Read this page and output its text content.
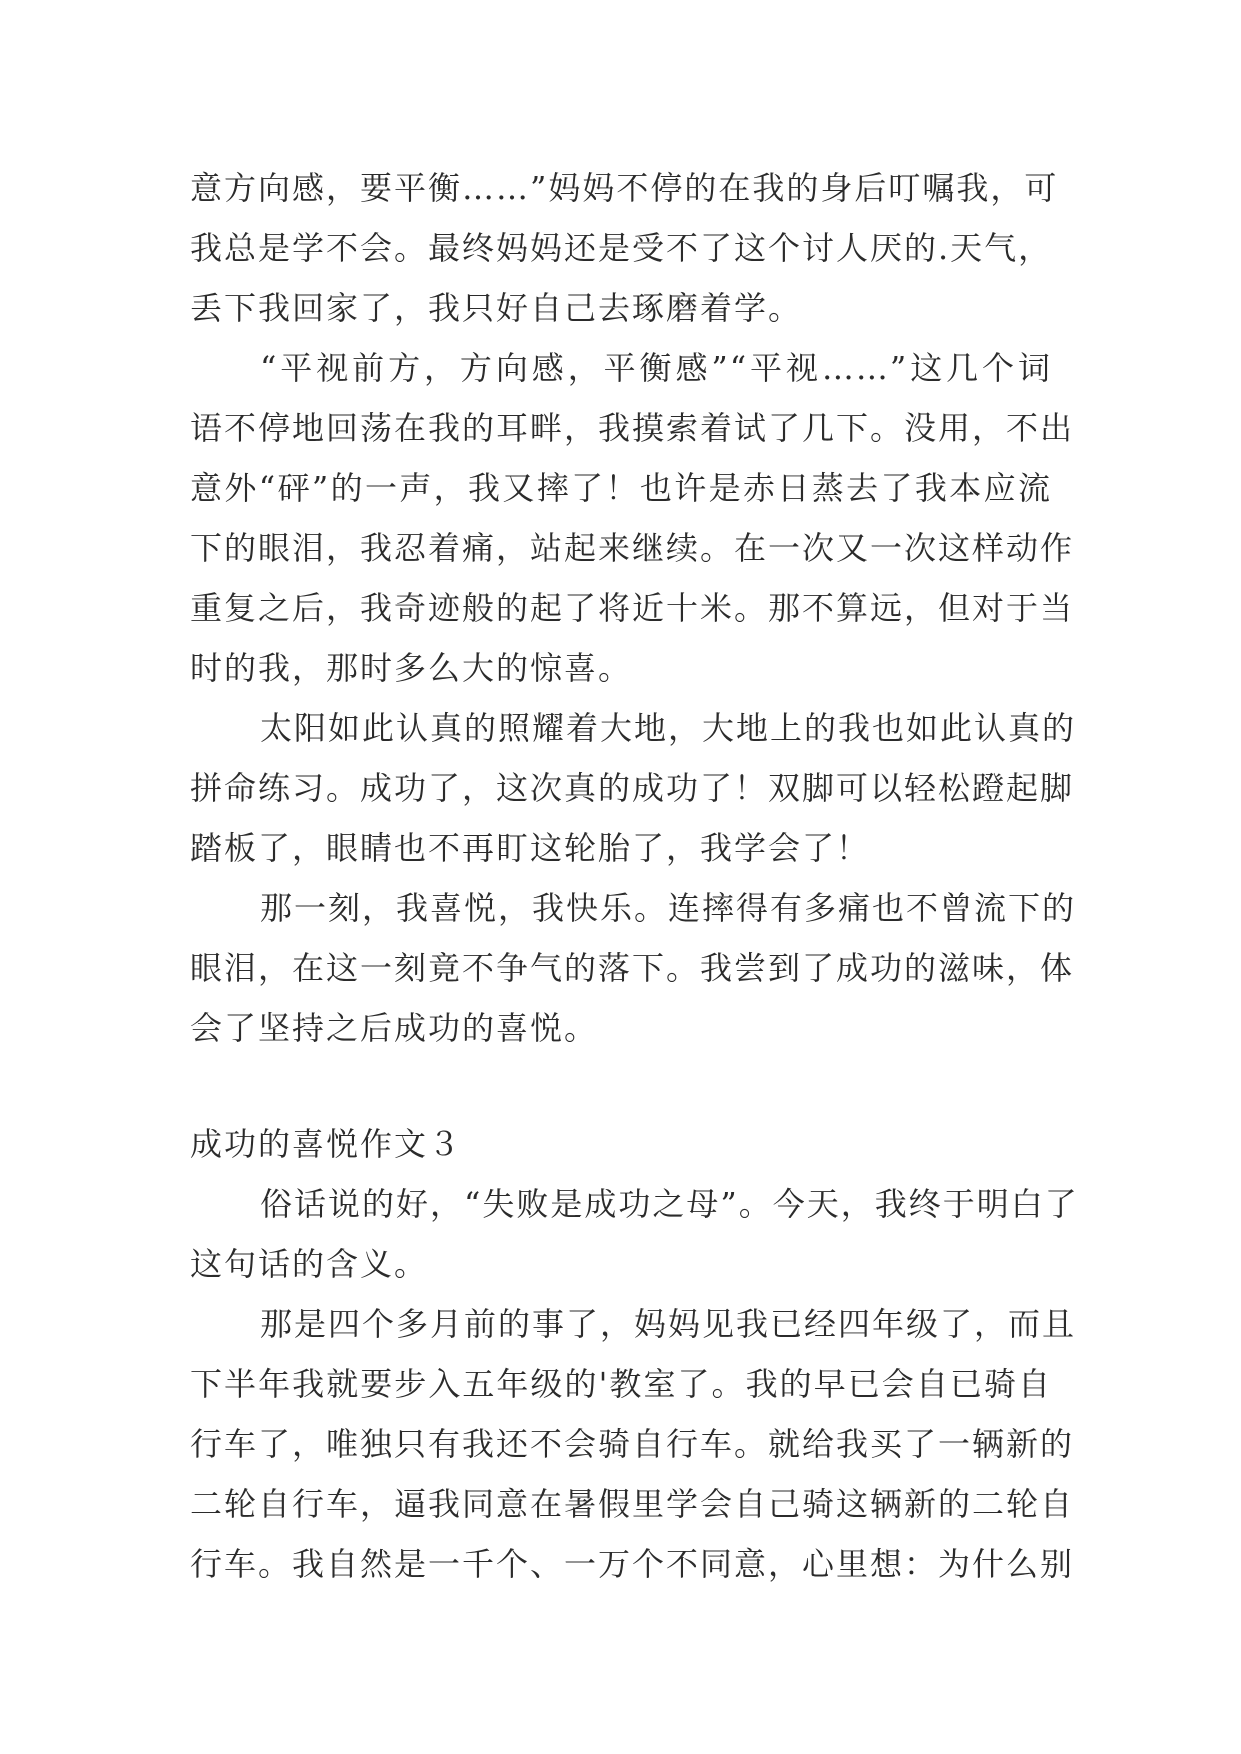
意方向感，要平衡……”妈妈不停的在我的身后叮嘱我，可
我总是学不会。最终妈妈还是受不了这个讨人厌的.天气，
丢下我回家了，我只好自己去琢磨着学。
“平视前方，方向感，平衡感”“平视……”这几个词
语不停地回荡在我的耳畔，我摸索着试了几下。没用，不出
意外“砰”的一声，我又摔了！也许是赤日蒸去了我本应流
下的眼泪，我忍着痛，站起来继续。在一次又一次这样动作
重复之后，我奇迹般的起了将近十米。那不算远，但对于当
时的我，那时多么大的惊喜。
太阳如此认真的照耀着大地，大地上的我也如此认真的
拼命练习。成功了，这次真的成功了！双脚可以轻松蹬起脚
踏板了，眼睛也不再盯这轮胎了，我学会了！
那一刻，我喜悦，我快乐。连摔得有多痛也不曾流下的
眼泪，在这一刻竟不争气的落下。我尝到了成功的滋味，体
会了坚持之后成功的喜悦。
成功的喜悦作文３
俗话说的好，“失败是成功之母”。今天，我终于明白了
这句话的含义。
那是四个多月前的事了，妈妈见我已经四年级了，而且
下半年我就要步入五年级的'教室了。我的早已会自已骑自
行车了，唯独只有我还不会骑自行车。就给我买了一辆新的
二轮自行车，逼我同意在暑假里学会自己骑这辆新的二轮自
行车。我自然是一千个、一万个不同意，心里想：为什么别
